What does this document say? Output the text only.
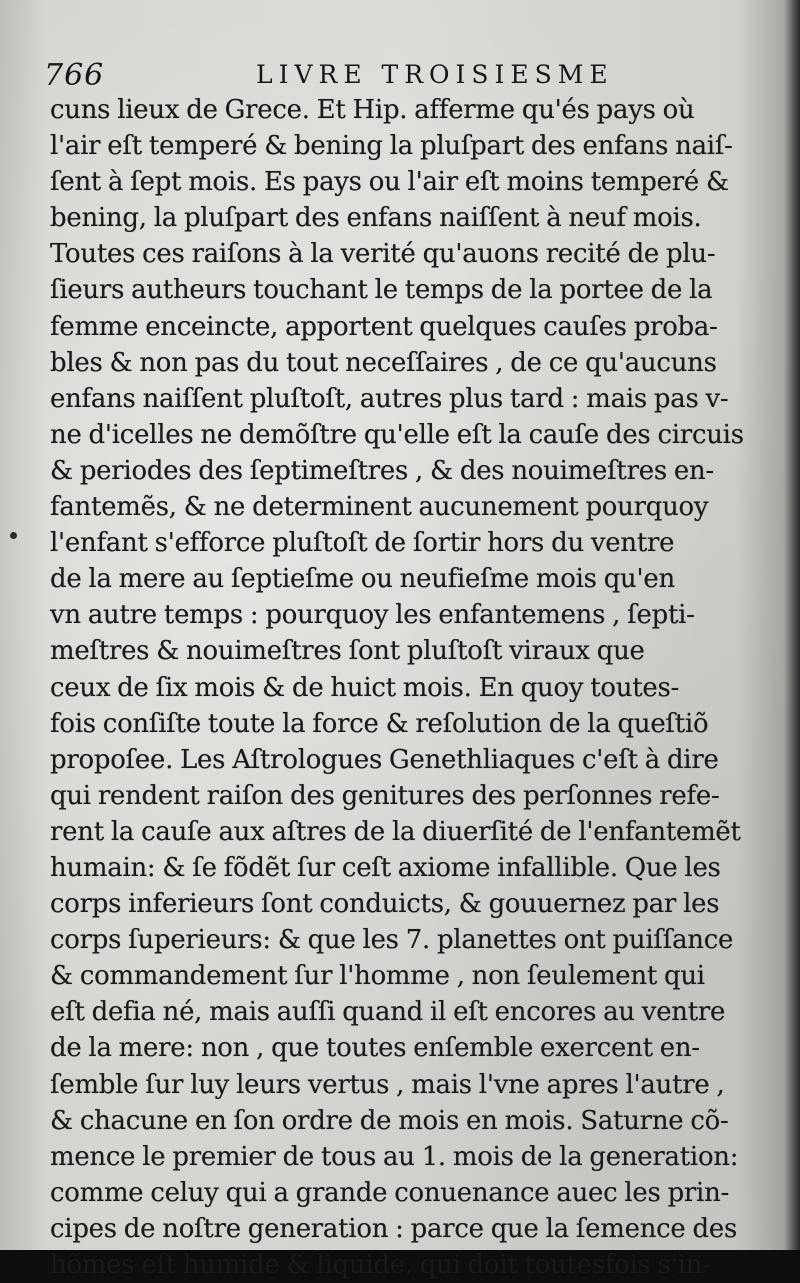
766	LIVRE TROISIESME
cuns lieux de Grece. Et Hip. afferme qu'és pays où
l'air eſt temperé & bening la pluſpart des enfans naiſ-
ſent à ſept mois. Es pays ou l'air eſt moins temperé &
bening, la pluſpart des enfans naiſſent à neuf mois.
Toutes ces raiſons à la verité qu'auons recité de plu-
ſieurs autheurs touchant le temps de la portee de la
femme enceincte, apportent quelques cauſes proba-
bles & non pas du tout neceſſaires , de ce qu'aucuns
enfans naiſſent pluſtoſt, autres plus tard : mais pas v-
ne d'icelles ne demõſtre qu'elle eſt la cauſe des circuis
& periodes des ſeptimeſtres , & des nouimeſtres en-
fantemẽs, & ne determinent aucunement pourquoy
l'enfant s'efforce pluſtoſt de ſortir hors du ventre
de la mere au ſeptieſme ou neufieſme mois qu'en
vn autre temps : pourquoy les enfantemens , ſepti-
meſtres & nouimeſtres ſont pluſtoſt viraux que
ceux de ſix mois & de huict mois. En quoy toutes-
fois conſiſte toute la force & reſolution de la queſtiõ
propoſee. Les Aſtrologues Genethliaques c'eſt à dire
qui rendent raiſon des genitures des perſonnes refe-
rent la cauſe aux aſtres de la diuerſité de l'enfantemẽt
humain: & ſe fõdẽt ſur ceſt axiome infallible. Que les
corps inferieurs ſont conduicts, & gouuernez par les
corps ſuperieurs: & que les 7. planettes ont puiſſance
& commandement ſur l'homme , non ſeulement qui
eſt defia né, mais auſſi quand il eſt encores au ventre
de la mere: non , que toutes enſemble exercent en-
ſemble ſur luy leurs vertus , mais l'vne apres l'autre ,
& chacune en ſon ordre de mois en mois. Saturne cõ-
mence le premier de tous au 1. mois de la generation:
comme celuy qui a grande conuenance auec les prin-
cipes de noſtre generation : parce que la ſemence des
hõmes eſt humide & liquide, qui doit toutesfois s'in-
